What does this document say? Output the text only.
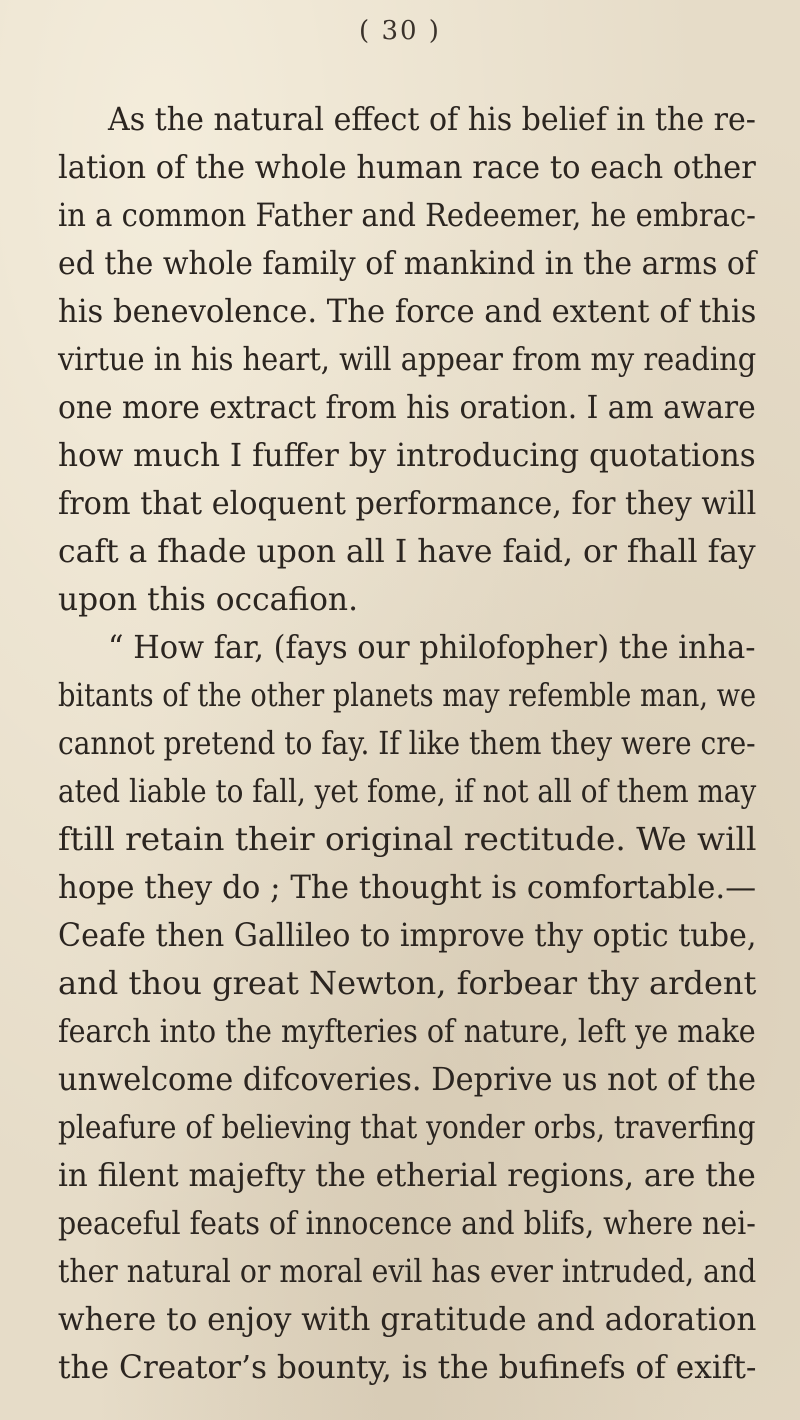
( 30 )
As the natural effect of his belief in the re-
lation of the whole human race to each other
in a common Father and Redeemer, he embrac-
ed the whole family of mankind in the arms of
his benevolence. The force and extent of this
virtue in his heart, will appear from my reading
one more extract from his oration. I am aware
how much I fuffer by introducing quotations
from that eloquent performance, for they will
caft a fhade upon all I have faid, or fhall fay
upon this occafion.
“ How far, (fays our philofopher) the inha-
bitants of the other planets may refemble man, we
cannot pretend to fay. If like them they were cre-
ated liable to fall, yet fome, if not all of them may
ftill retain their original rectitude. We will
hope they do ; The thought is comfortable.—
Ceafe then Gallileo to improve thy optic tube,
and thou great Newton, forbear thy ardent
fearch into the myfteries of nature, left ye make
unwelcome difcoveries. Deprive us not of the
pleafure of believing that yonder orbs, traverfing
in filent majefty the etherial regions, are the
peaceful feats of innocence and blifs, where nei-
ther natural or moral evil has ever intruded, and
where to enjoy with gratitude and adoration
the Creator’s bounty, is the bufinefs of exift-
